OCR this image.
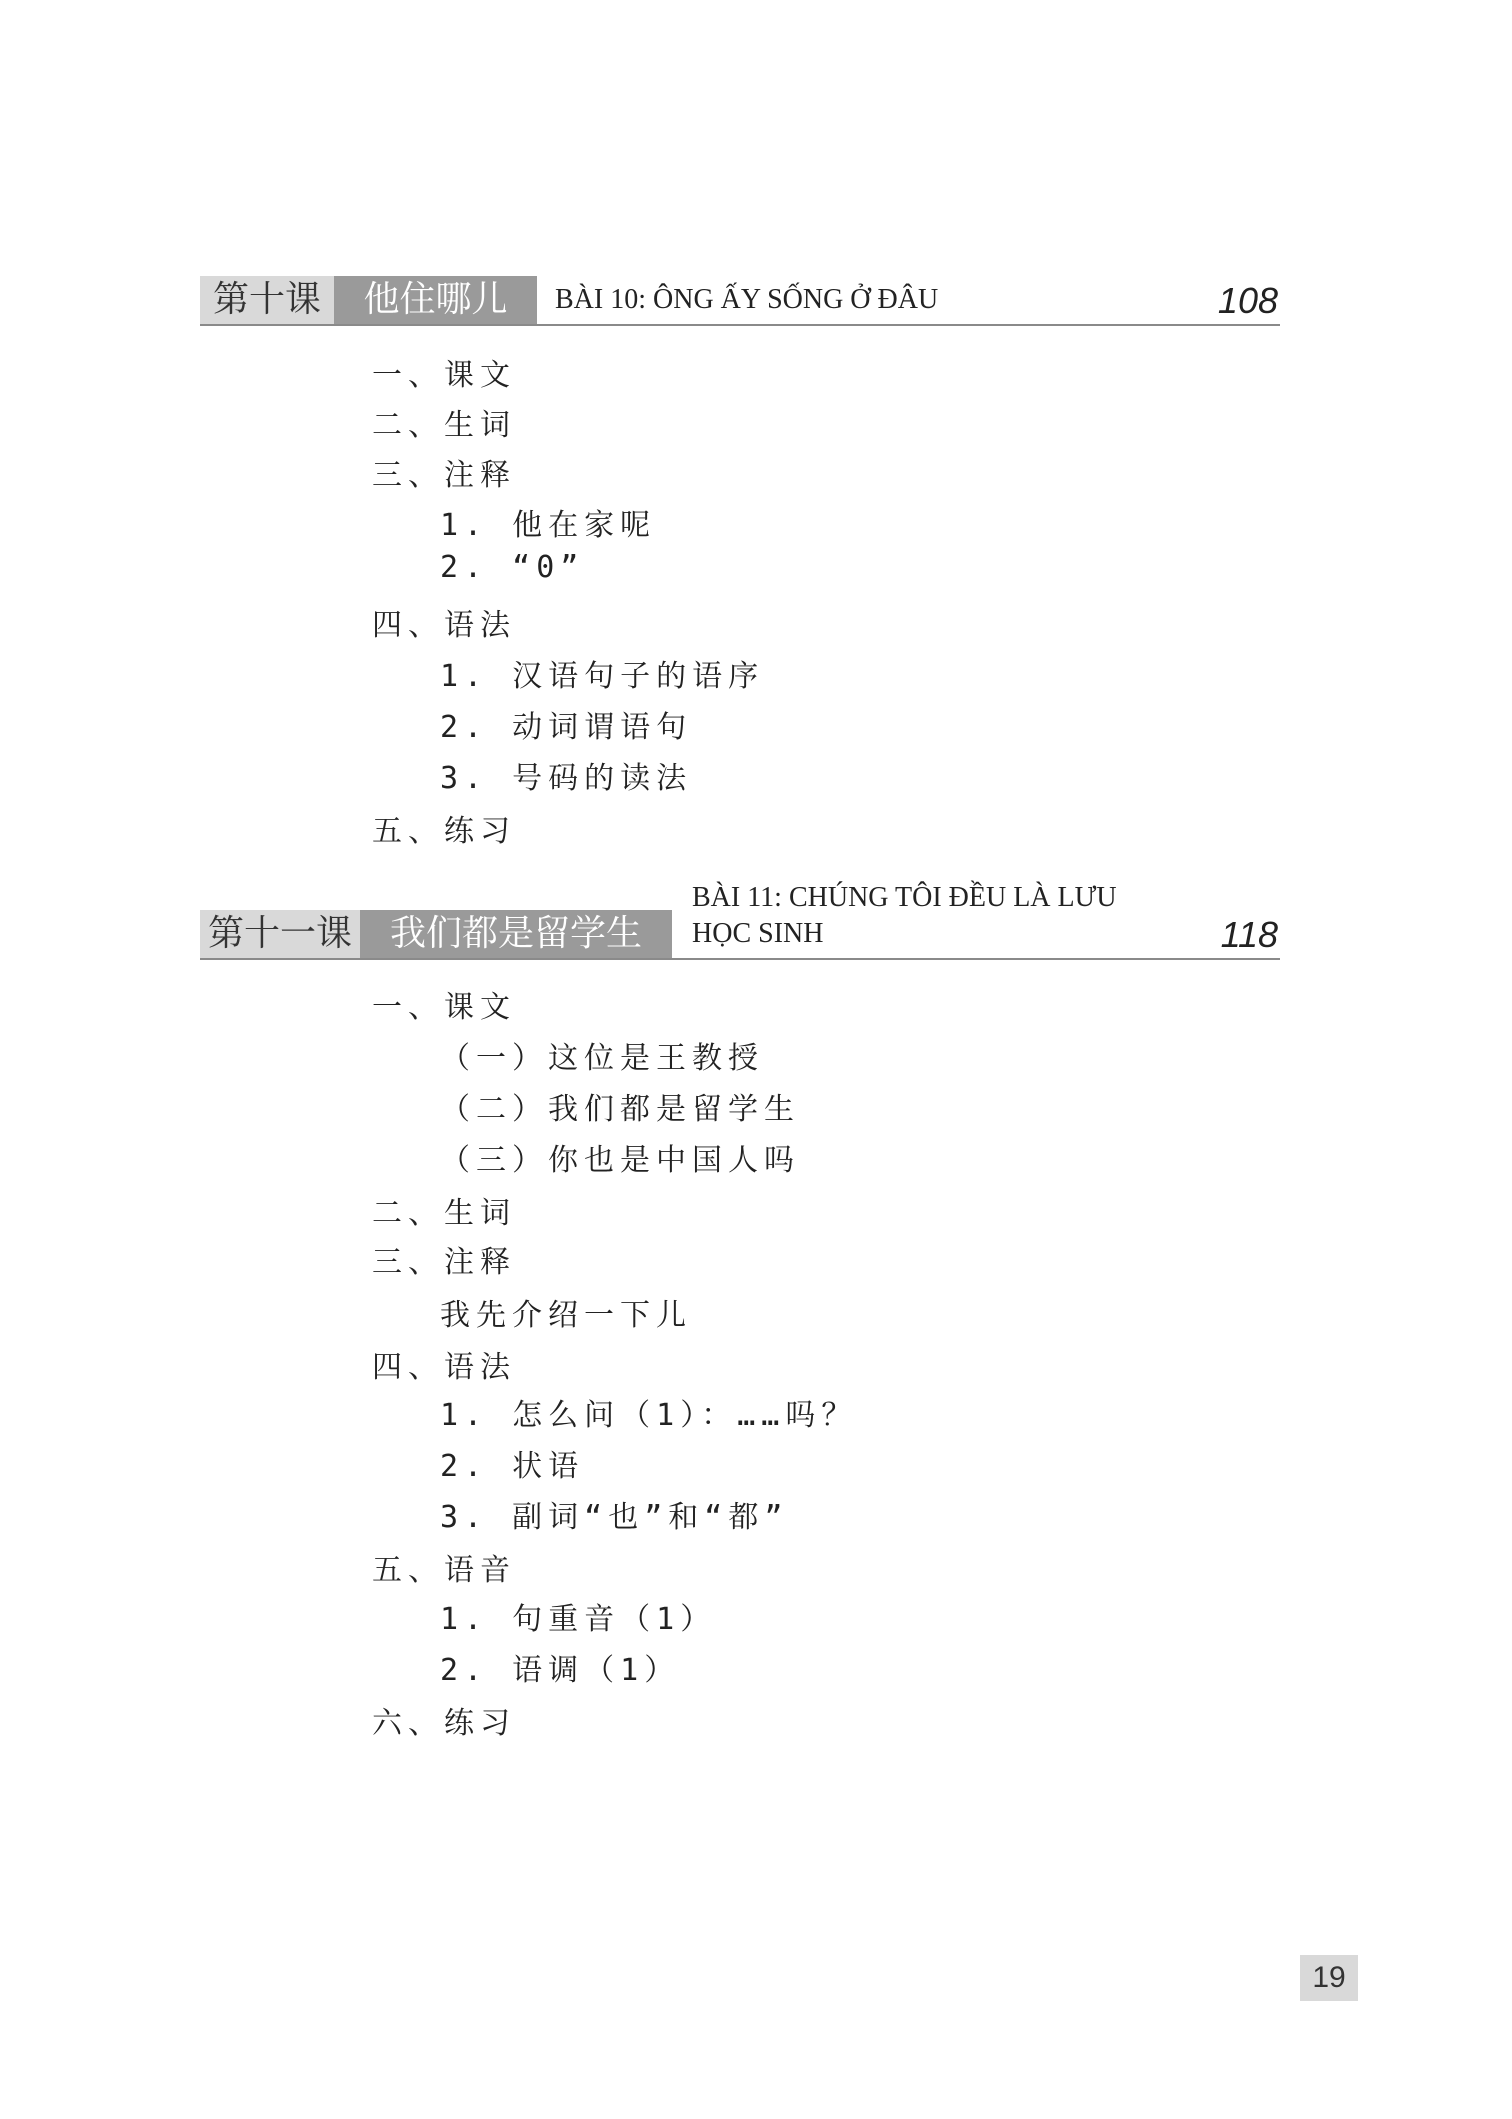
第十课	他住哪儿	BÀI 10: ÔNG ẤY SỐNG Ở ĐÂU	108
一、课文
二、生词
三、注释
1. 他在家呢
2. “0”
四、语法
1. 汉语句子的语序
2. 动词谓语句
3. 号码的读法
五、练习
第十一课	我们都是留学生
BÀI 11: CHÚNG TÔI ĐỀU LÀ LƯU
HỌC SINH	118
一、课文
（一）这位是王教授
（二）我们都是留学生
（三）你也是中国人吗
二、生词
三、注释
我先介绍一下儿
四、语法
1. 怎么问（1）：……吗？
2. 状语
3. 副词“也”和“都”
五、语音
1. 句重音（1）
2. 语调（1）
六、练习
19
